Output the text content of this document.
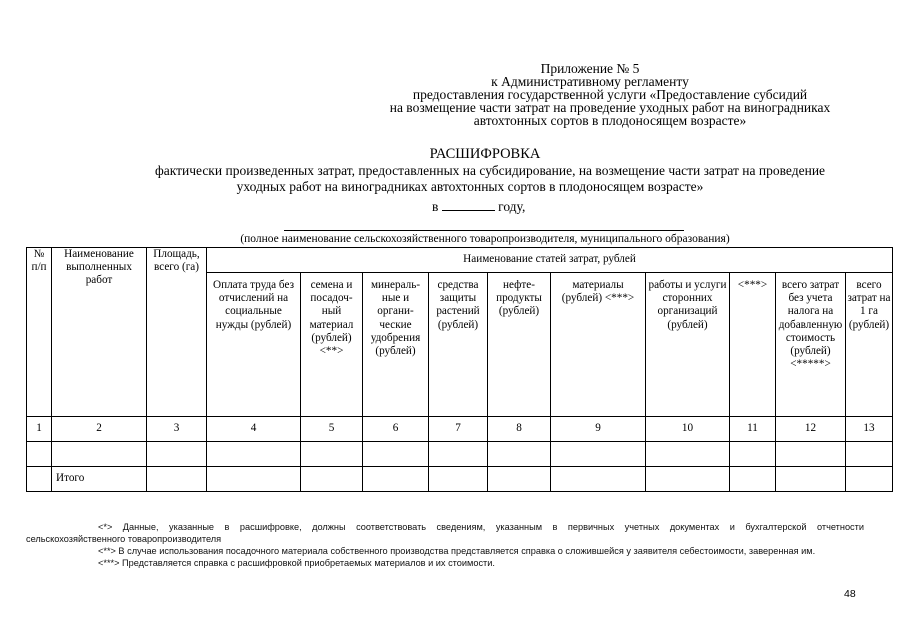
Приложение № 5
к Административному регламенту
предоставления государственной услуги «Предоставление субсидий
на возмещение части затрат на проведение уходных работ на виноградниках
автохтонных сортов в плодоносящем возрасте»
РАСШИФРОВКА
фактически произведенных затрат, предоставленных на субсидирование, на возмещение части затрат на проведение
уходных работ на виноградниках автохтонных сортов в плодоносящем возрасте»
в	году,
(полное наименование сельскохозяйственного товаропроизводителя, муниципального образования)
№ п/п	Наименование выполненных работ	Площадь, всего (га)	Наименование статей затрат, рублей									
			Оплата труда без отчислений на социальные нужды (рублей)	семена и посадоч-ный материал (рублей) <**>	минераль-ные и органи-ческие удобрения (рублей)	средства защиты растений (рублей)	нефте-продукты (рублей)	материалы (рублей) <***>	работы и услуги сторонних организаций (рублей)	<***>	всего затрат без учета налога на добавленную стоимость (рублей) <*****>	всего затрат на 1 га (рублей)
1	2	3	4	5	6	7	8	9	10	11	12	13

	Итого											
<*> Данные, указанные в расшифровке, должны соответствовать сведениям, указанным в первичных учетных документах и бухгалтерской отчетности
сельскохозяйственного товаропроизводителя
<**> В случае использования посадочного материала собственного производства представляется справка о сложившейся у заявителя себестоимости, заверенная им.
<***> Представляется справка с расшифровкой приобретаемых материалов и их стоимости.
48
